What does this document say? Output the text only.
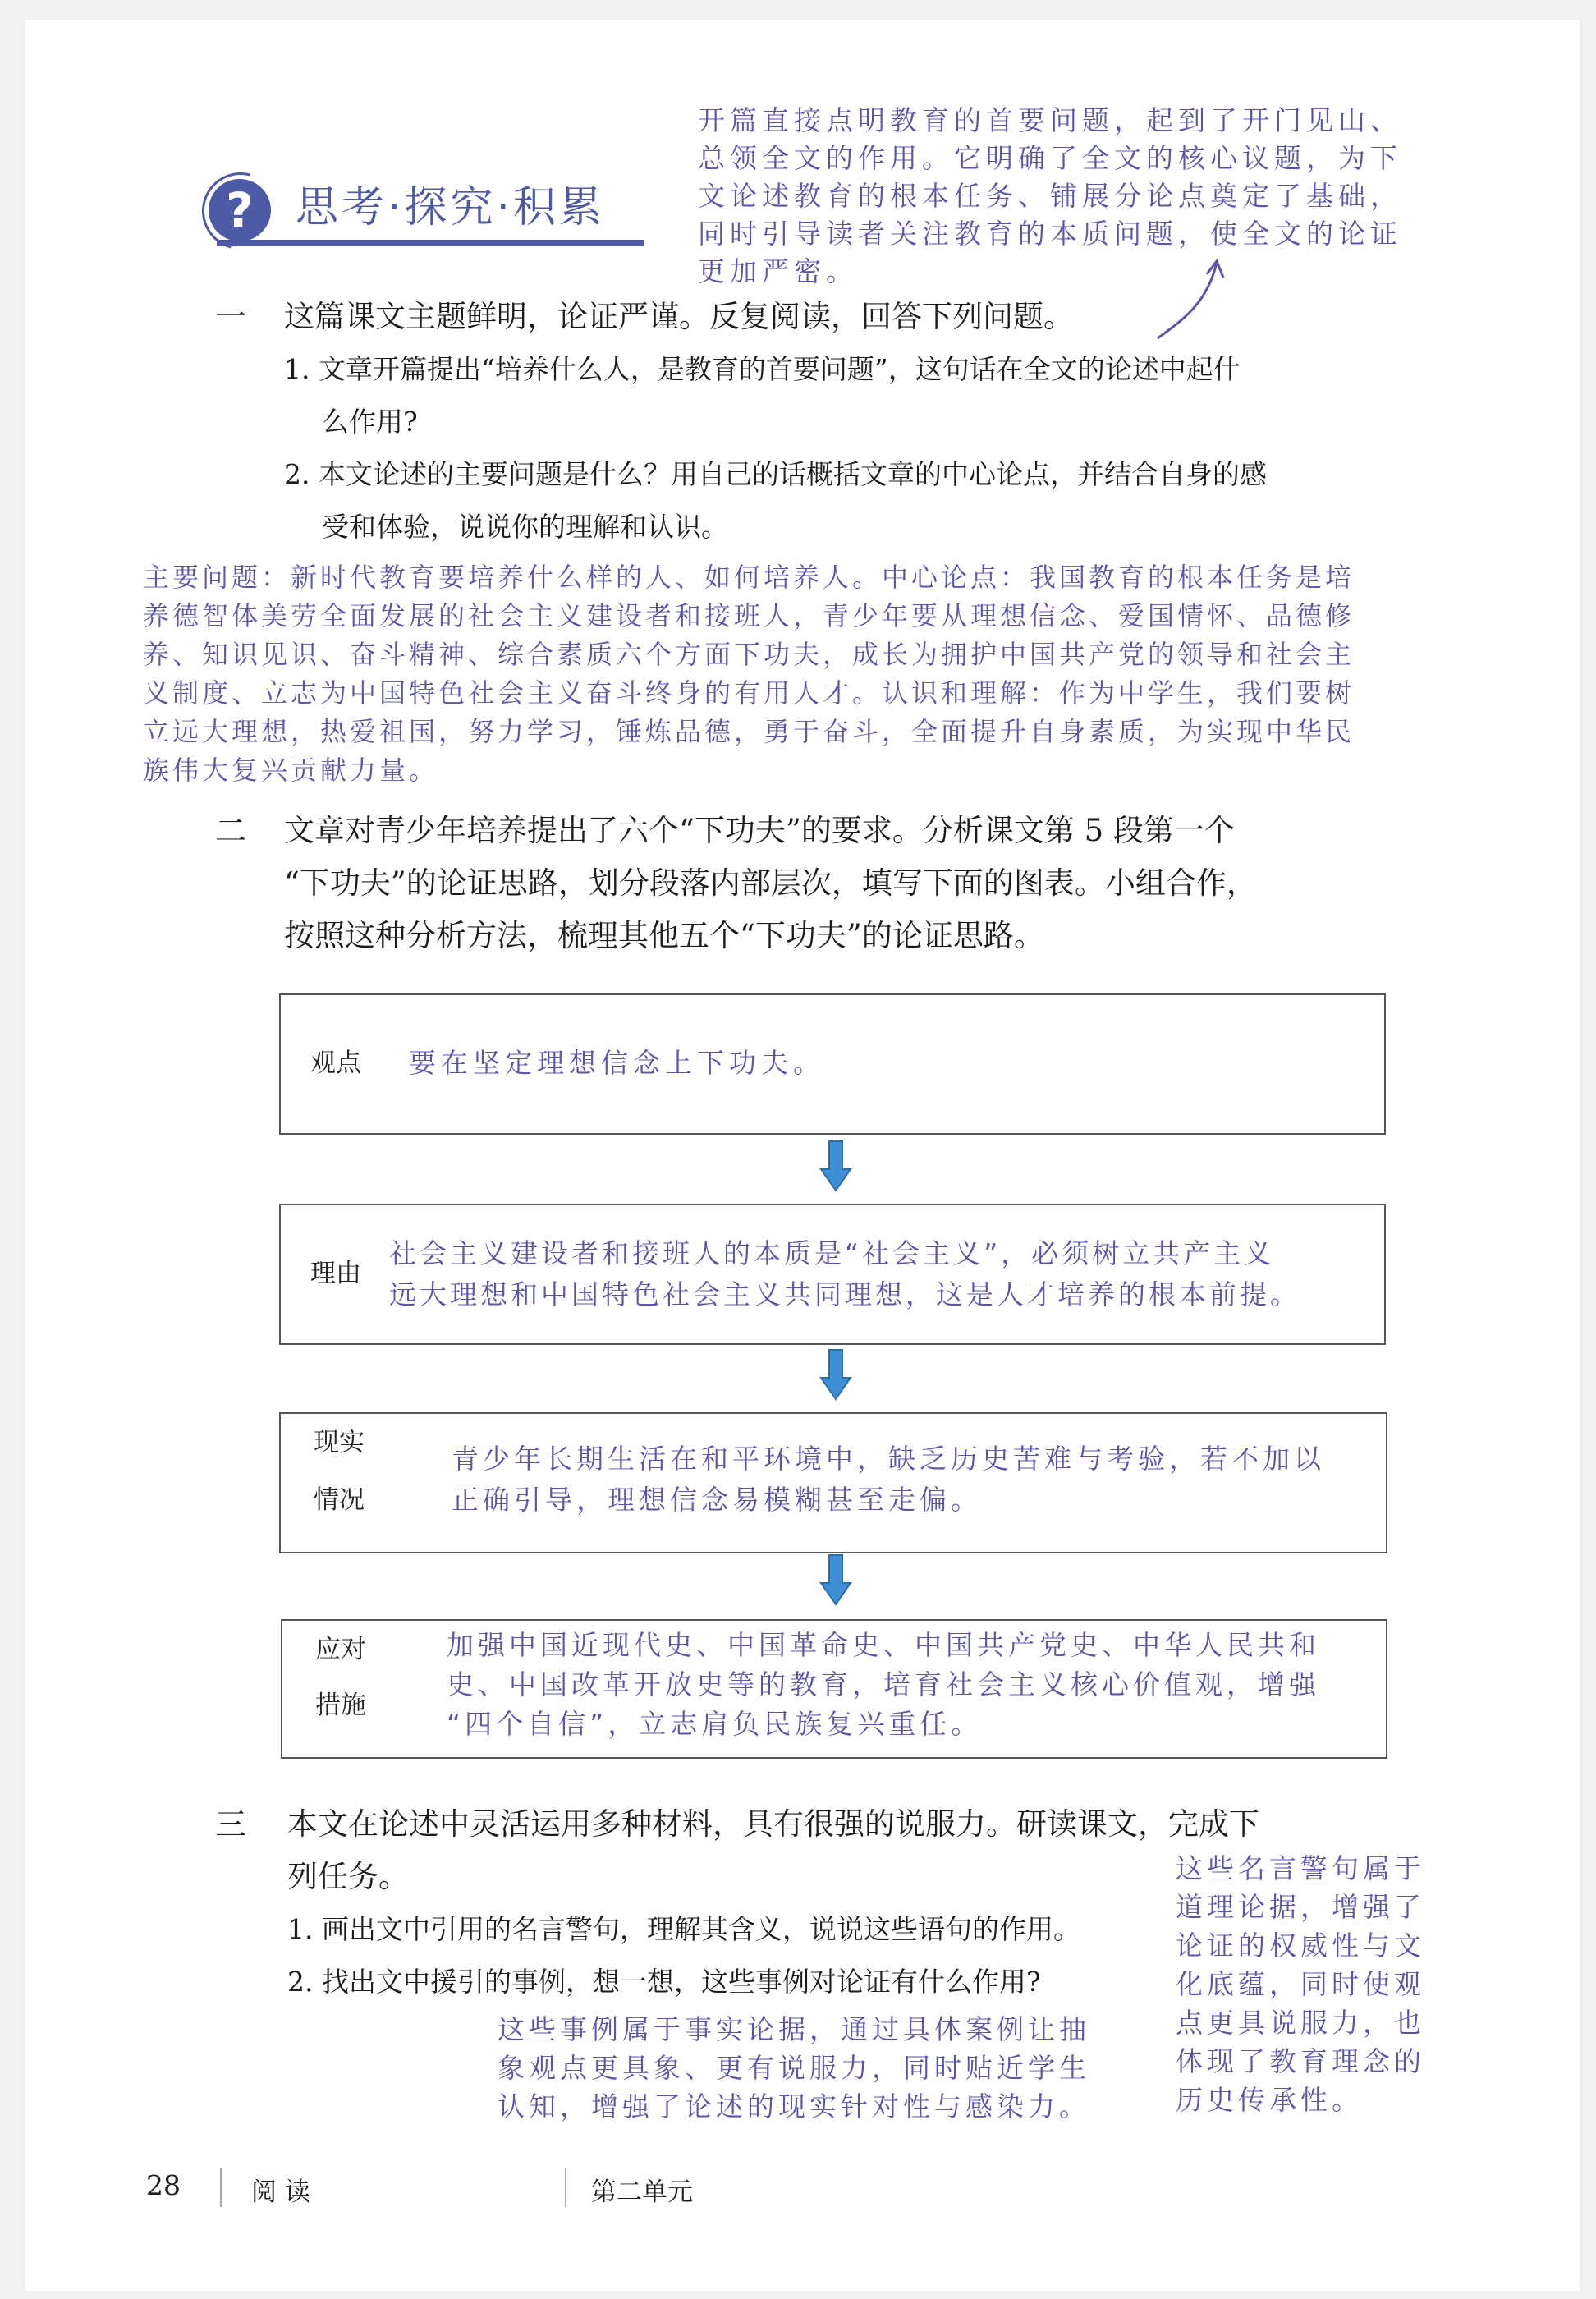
? 思考·探究·积累
开篇直接点明教育的首要问题，起到了开门见山、
总领全文的作用。它明确了全文的核心议题，为下
文论述教育的根本任务、铺展分论点奠定了基础，
同时引导读者关注教育的本质问题，使全文的论证
更加严密。
一 这篇课文主题鲜明，论证严谨。反复阅读，回答下列问题。
1. 文章开篇提出“培养什么人，是教育的首要问题”，这句话在全文的论述中起什
么作用?
2. 本文论述的主要问题是什么？用自己的话概括文章的中心论点，并结合自身的感
受和体验，说说你的理解和认识。
主要问题：新时代教育要培养什么样的人、如何培养人。中心论点：我国教育的根本任务是培
养德智体美劳全面发展的社会主义建设者和接班人，青少年要从理想信念、爱国情怀、品德修
养、知识见识、奋斗精神、综合素质六个方面下功夫，成长为拥护中国共产党的领导和社会主
义制度、立志为中国特色社会主义奋斗终身的有用人才。认识和理解：作为中学生，我们要树
立远大理想，热爱祖国，努力学习，锤炼品德，勇于奋斗，全面提升自身素质，为实现中华民
族伟大复兴贡献力量。
二 文章对青少年培养提出了六个“下功夫”的要求。分析课文第 5 段第一个
“下功夫”的论证思路，划分段落内部层次，填写下面的图表。小组合作，
按照这种分析方法，梳理其他五个“下功夫”的论证思路。
观点 要在坚定理想信念上下功夫。
理由
社会主义建设者和接班人的本质是“社会主义”，必须树立共产主义
远大理想和中国特色社会主义共同理想，这是人才培养的根本前提。
现实
情况
青少年长期生活在和平环境中，缺乏历史苦难与考验，若不加以
正确引导，理想信念易模糊甚至走偏。
应对
措施
加强中国近现代史、中国革命史、中国共产党史、中华人民共和
史、中国改革开放史等的教育，培育社会主义核心价值观，增强
“四个自信”，立志肩负民族复兴重任。
三 本文在论述中灵活运用多种材料，具有很强的说服力。研读课文，完成下
列任务。
1. 画出文中引用的名言警句，理解其含义，说说这些语句的作用。
2. 找出文中援引的事例，想一想，这些事例对论证有什么作用?
这些名言警句属于
道理论据，增强了
论证的权威性与文
化底蕴，同时使观
点更具说服力，也
体现了教育理念的
历史传承性。
这些事例属于事实论据，通过具体案例让抽
象观点更具象、更有说服力，同时贴近学生
认知，增强了论述的现实针对性与感染力。
28	阅 读	第二单元
